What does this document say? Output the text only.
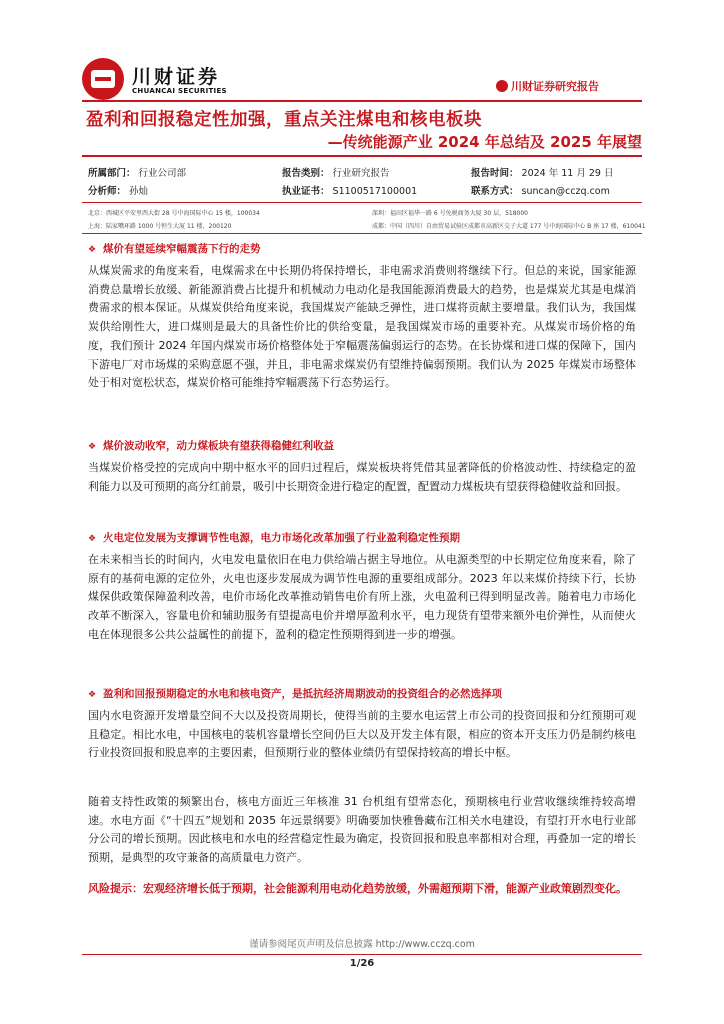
川财证券
CHUANCAI SECURITIES	川财证券研究报告
盈利和回报稳定性加强，重点关注煤电和核电板块
—传统能源产业 2024 年总结及 2025 年展望
所属部门： 行业公司部	报告类别： 行业研究报告	报告时间： 2024 年 11 月 29 日
分析师： 孙灿	执业证书： S1100517100001	联系方式： suncan@cczq.com
北京：西城区平安里西大街 28 号中海国际中心 15 楼，100034
上海：陆家嘴环路 1000 号恒生大厦 11 楼，200120
深圳：福田区福华一路 6 号免税商务大厦 30 层，518000
成都：中国（四川）自由贸易试验区成都市高新区交子大道 177 号中海国际中心 B 座 17 楼，610041
❖ 煤价有望延续窄幅震荡下行的走势
从煤炭需求的角度来看，电煤需求在中长期仍将保持增长，非电需求消费则将继续下行。但总的来说，国家能源消费总量增长放缓、新能源消费占比提升和机械动力电动化是我国能源消费最大的趋势，也是煤炭尤其是电煤消费需求的根本保证。从煤炭供给角度来说，我国煤炭产能缺乏弹性，进口煤将贡献主要增量。我们认为，我国煤炭供给刚性大，进口煤则是最大的具备性价比的供给变量，是我国煤炭市场的重要补充。从煤炭市场价格的角度，我们预计 2024 年国内煤炭市场价格整体处于窄幅震荡偏弱运行的态势。在长协煤和进口煤的保障下，国内下游电厂对市场煤的采购意愿不强，并且，非电需求煤炭仍有望维持偏弱预期。我们认为 2025 年煤炭市场整体处于相对宽松状态，煤炭价格可能维持窄幅震荡下行态势运行。
❖ 煤价波动收窄，动力煤板块有望获得稳健红利收益
当煤炭价格受控的完成向中期中枢水平的回归过程后，煤炭板块将凭借其显著降低的价格波动性、持续稳定的盈利能力以及可预期的高分红前景，吸引中长期资金进行稳定的配置，配置动力煤板块有望获得稳健收益和回报。
❖ 火电定位发展为支撑调节性电源，电力市场化改革加强了行业盈利稳定性预期
在未来相当长的时间内，火电发电量依旧在电力供给端占据主导地位。从电源类型的中长期定位角度来看，除了原有的基荷电源的定位外，火电也逐步发展成为调节性电源的重要组成部分。2023 年以来煤价持续下行，长协煤保供政策保障盈利改善，电价市场化改革推动销售电价有所上涨，火电盈利已得到明显改善。随着电力市场化改革不断深入，容量电价和辅助服务有望提高电价并增厚盈利水平，电力现货有望带来额外电价弹性，从而使火电在体现很多公共公益属性的前提下，盈利的稳定性预期得到进一步的增强。
❖ 盈利和回报预期稳定的水电和核电资产，是抵抗经济周期波动的投资组合的必然选择项
国内水电资源开发增量空间不大以及投资周期长，使得当前的主要水电运营上市公司的投资回报和分红预期可观且稳定。相比水电，中国核电的装机容量增长空间仍巨大以及开发主体有限，相应的资本开支压力仍是制约核电行业投资回报和股息率的主要因素，但预期行业的整体业绩仍有望保持较高的增长中枢。
随着支持性政策的频繁出台，核电方面近三年核准 31 台机组有望常态化，预期核电行业营收继续维持较高增速。水电方面《“十四五”规划和 2035 年远景纲要》明确要加快雅鲁藏布江相关水电建设，有望打开水电行业部分公司的增长预期。因此核电和水电的经营稳定性最为确定，投资回报和股息率都相对合理，再叠加一定的增长预期，是典型的攻守兼备的高质量电力资产。
风险提示：宏观经济增长低于预期，社会能源利用电动化趋势放缓，外需超预期下滑，能源产业政策剧烈变化。
谨请参阅尾页声明及信息披露 http://www.cczq.com
1/26
